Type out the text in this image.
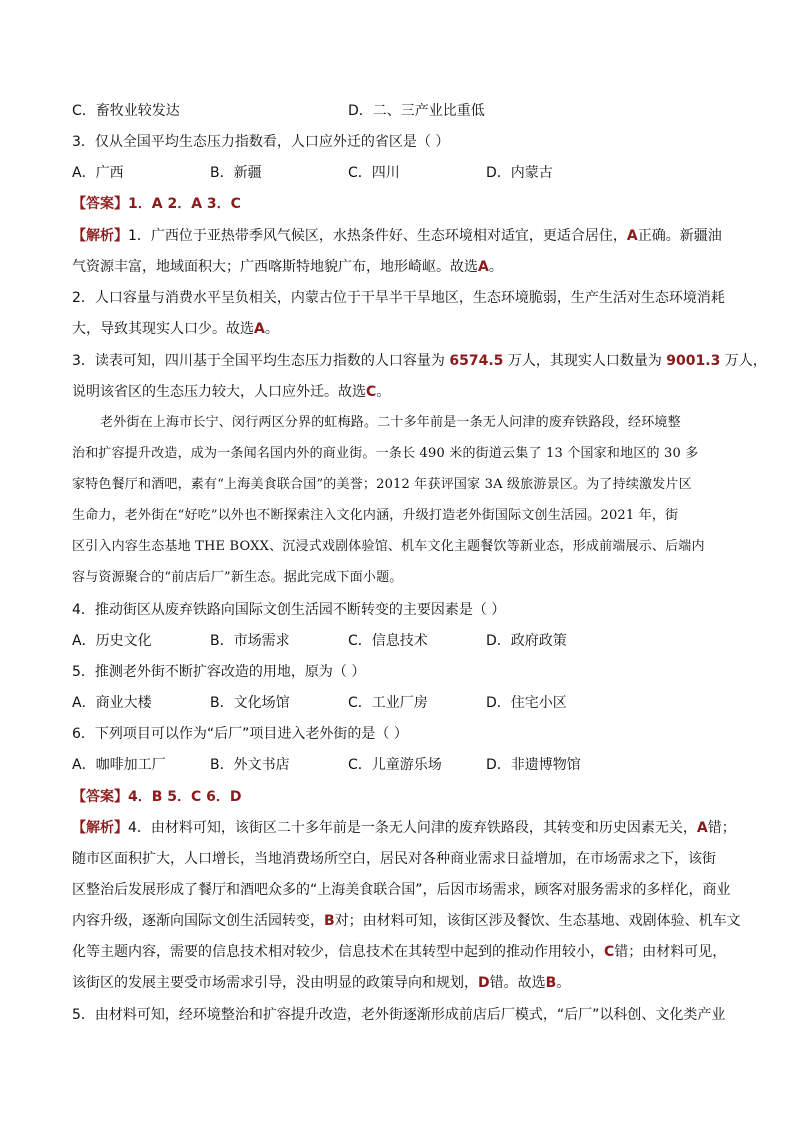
C．畜牧业较发达	D．二、三产业比重低
3．仅从全国平均生态压力指数看，人口应外迁的省区是（ ）
A．广西	B．新疆	C．四川	D．内蒙古
【答案】1．A 2．A 3．C
【解析】1．广西位于亚热带季风气候区，水热条件好、生态环境相对适宜，更适合居住，A正确。新疆油
气资源丰富，地域面积大；广西喀斯特地貌广布，地形崎岖。故选A。
2．人口容量与消费水平呈负相关，内蒙古位于干旱半干旱地区，生态环境脆弱，生产生活对生态环境消耗
大，导致其现实人口少。故选A。
3．读表可知，四川基于全国平均生态压力指数的人口容量为 6574.5 万人，其现实人口数量为 9001.3 万人，
说明该省区的生态压力较大，人口应外迁。故选C。
老外街在上海市长宁、闵行两区分界的虹梅路。二十多年前是一条无人问津的废弃铁路段，经环境整
治和扩容提升改造，成为一条闻名国内外的商业街。一条长 490 米的街道云集了 13 个国家和地区的 30 多
家特色餐厅和酒吧，素有“上海美食联合国”的美誉；2012 年获评国家 3A 级旅游景区。为了持续激发片区
生命力，老外街在“好吃”以外也不断探索注入文化内涵，升级打造老外街国际文创生活园。2021 年，街
区引入内容生态基地 THE BOXX、沉浸式戏剧体验馆、机车文化主题餐饮等新业态，形成前端展示、后端内
容与资源聚合的“前店后厂”新生态。据此完成下面小题。
4．推动街区从废弃铁路向国际文创生活园不断转变的主要因素是（ ）
A．历史文化	B．市场需求	C．信息技术	D．政府政策
5．推测老外街不断扩容改造的用地，原为（ ）
A．商业大楼	B．文化场馆	C．工业厂房	D．住宅小区
6．下列项目可以作为“后厂”项目进入老外街的是（ ）
A．咖啡加工厂	B．外文书店	C．儿童游乐场	D．非遗博物馆
【答案】4．B 5．C 6．D
【解析】4．由材料可知，该街区二十多年前是一条无人问津的废弃铁路段，其转变和历史因素无关，A错；
随市区面积扩大，人口增长，当地消费场所空白，居民对各种商业需求日益增加，在市场需求之下，该街
区整治后发展形成了餐厅和酒吧众多的“上海美食联合国”，后因市场需求，顾客对服务需求的多样化，商业
内容升级，逐渐向国际文创生活园转变，B对；由材料可知，该街区涉及餐饮、生态基地、戏剧体验、机车文
化等主题内容，需要的信息技术相对较少，信息技术在其转型中起到的推动作用较小，C错；由材料可见，
该街区的发展主要受市场需求引导，没由明显的政策导向和规划，D错。故选B。
5．由材料可知，经环境整治和扩容提升改造，老外街逐渐形成前店后厂模式，“后厂”以科创、文化类产业
